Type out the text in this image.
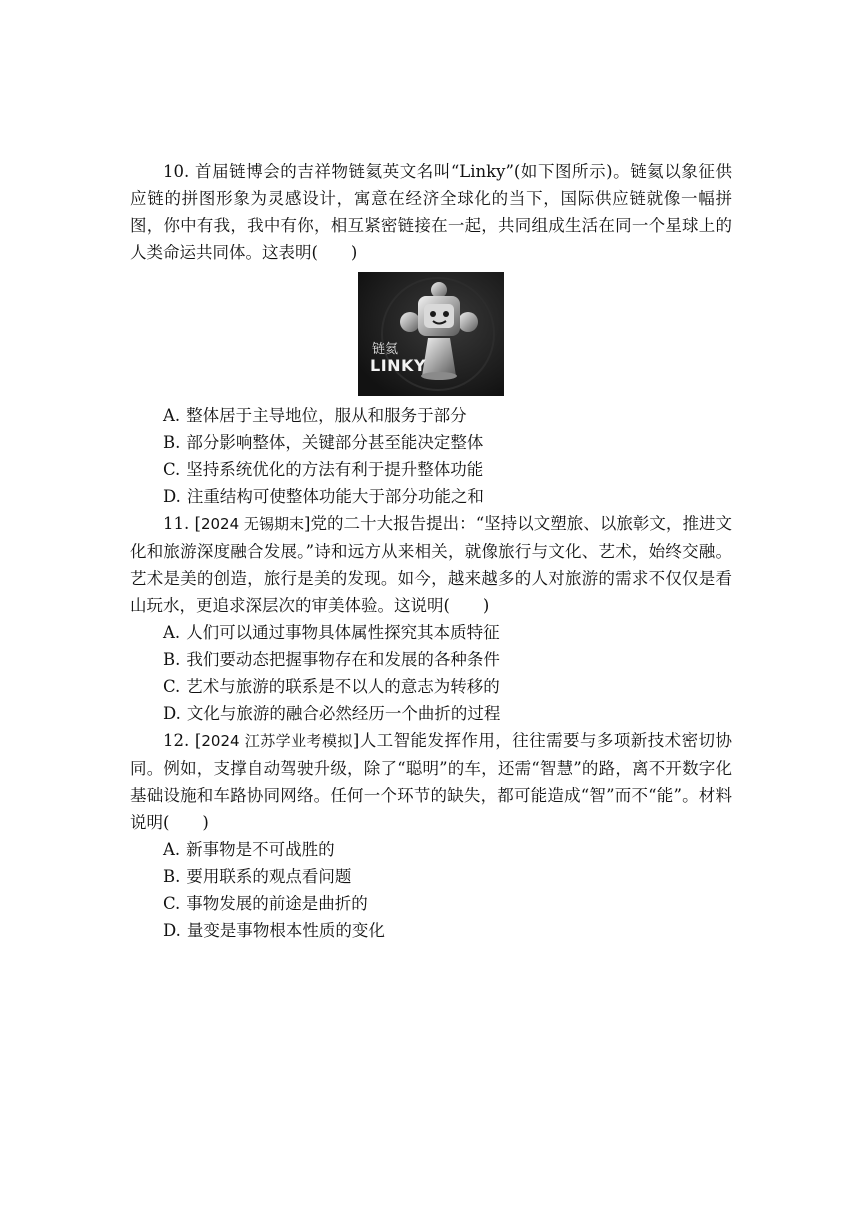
10. 首届链博会的吉祥物链氦英文名叫“Linky”(如下图所示)。链氦以象征供应链的拼图形象为灵感设计，寓意在经济全球化的当下，国际供应链就像一幅拼图，你中有我，我中有你，相互紧密链接在一起，共同组成生活在同一个星球上的人类命运共同体。这表明(　　)

链氦
LINKY
A. 整体居于主导地位，服从和服务于部分
B. 部分影响整体，关键部分甚至能决定整体
C. 坚持系统优化的方法有利于提升整体功能
D. 注重结构可使整体功能大于部分功能之和

11. [2024 无锡期末]党的二十大报告提出：“坚持以文塑旅、以旅彰文，推进文化和旅游深度融合发展。”诗和远方从来相关，就像旅行与文化、艺术，始终交融。艺术是美的创造，旅行是美的发现。如今，越来越多的人对旅游的需求不仅仅是看山玩水，更追求深层次的审美体验。这说明(　　)

A. 人们可以通过事物具体属性探究其本质特征
B. 我们要动态把握事物存在和发展的各种条件
C. 艺术与旅游的联系是不以人的意志为转移的
D. 文化与旅游的融合必然经历一个曲折的过程

12. [2024 江苏学业考模拟]人工智能发挥作用，往往需要与多项新技术密切协同。例如，支撑自动驾驶升级，除了“聪明”的车，还需“智慧”的路，离不开数字化基础设施和车路协同网络。任何一个环节的缺失，都可能造成“智”而不“能”。材料说明(　　)

A. 新事物是不可战胜的
B. 要用联系的观点看问题
C. 事物发展的前途是曲折的
D. 量变是事物根本性质的变化
